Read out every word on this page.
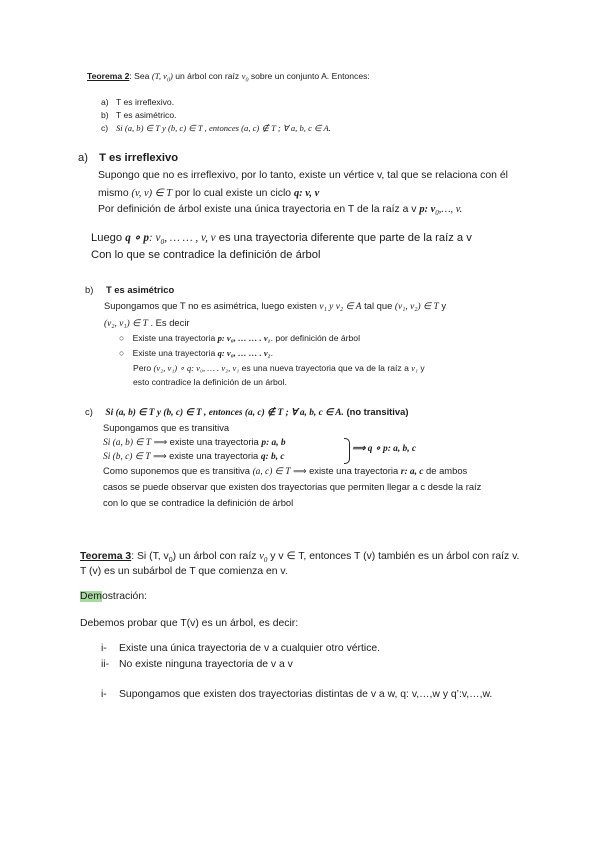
Teorema 2: Sea (T, $v_0$) un árbol con raíz $v_0$ sobre un conjunto A. Entonces:
a) T es irreflexivo.
b) T es asimétrico.
c) Si (a, b) ∈ T y (b, c) ∈ T , entonces (a, c) ∉ T ; ∀ a, b, c ∈ A.
a) T es irreflexivo
Supongo que no es irreflexivo, por lo tanto, existe un vértice v, tal que se relaciona con él
mismo (v, v) ∈ T por lo cual existe un ciclo q: v, v
Por definición de árbol existe una única trayectoria en T de la raíz a v p: $v_0,\dots$, v.
Luego q ∘ p: $v_0$, … … , v, v es una trayectoria diferente que parte de la raíz a v
Con lo que se contradice la definición de árbol
b) T es asimétrico
Supongamos que T no es asimétrica, luego existen v₁ y v₂ ∈ A tal que (v₁, v₂) ∈ T y
(v₂, v₁) ∈ T . Es decir
○ Existe una trayectoria p: v₀, … … . v₁. por definición de árbol
○ Existe una trayectoria q: v₀, … … . v₂.
Pero (v₂, v₁) ∘ q: v₀, … . v₂, v₁ es una nueva trayectoria que va de la raíz a v₁ y
esto contradice la definición de un árbol.
c) Si (a, b) ∈ T y (b, c) ∈ T , entonces (a, c) ∉ T ; ∀ a, b, c ∈ A. (no transitiva)
Supongamos que es transitiva
Si (a, b) ∈ T ⟹ existe una trayectoria p: a, b
Si (b, c) ∈ T ⟹ existe una trayectoria q: b, c
⟹ q ∘ p: a, b, c
Como suponemos que es transitiva (a, c) ∈ T ⟹ existe una trayectoria r: a, c de ambos
casos se puede observar que existen dos trayectorias que permiten llegar a c desde la raíz
con lo que se contradice la definición de árbol
Teorema 3: Si (T, $v_0$) un árbol con raíz $v_0$ y v ∈ T, entonces T (v) también es un árbol con raíz v.
T (v) es un subárbol de T que comienza en v.
Demostración:
Debemos probar que T(v) es un árbol, es decir:
i- Existe una única trayectoria de v a cualquier otro vértice.
ii- No existe ninguna trayectoria de v a v
i- Supongamos que existen dos trayectorias distintas de v a w, q: v,…,w y q’:v,…,w.
